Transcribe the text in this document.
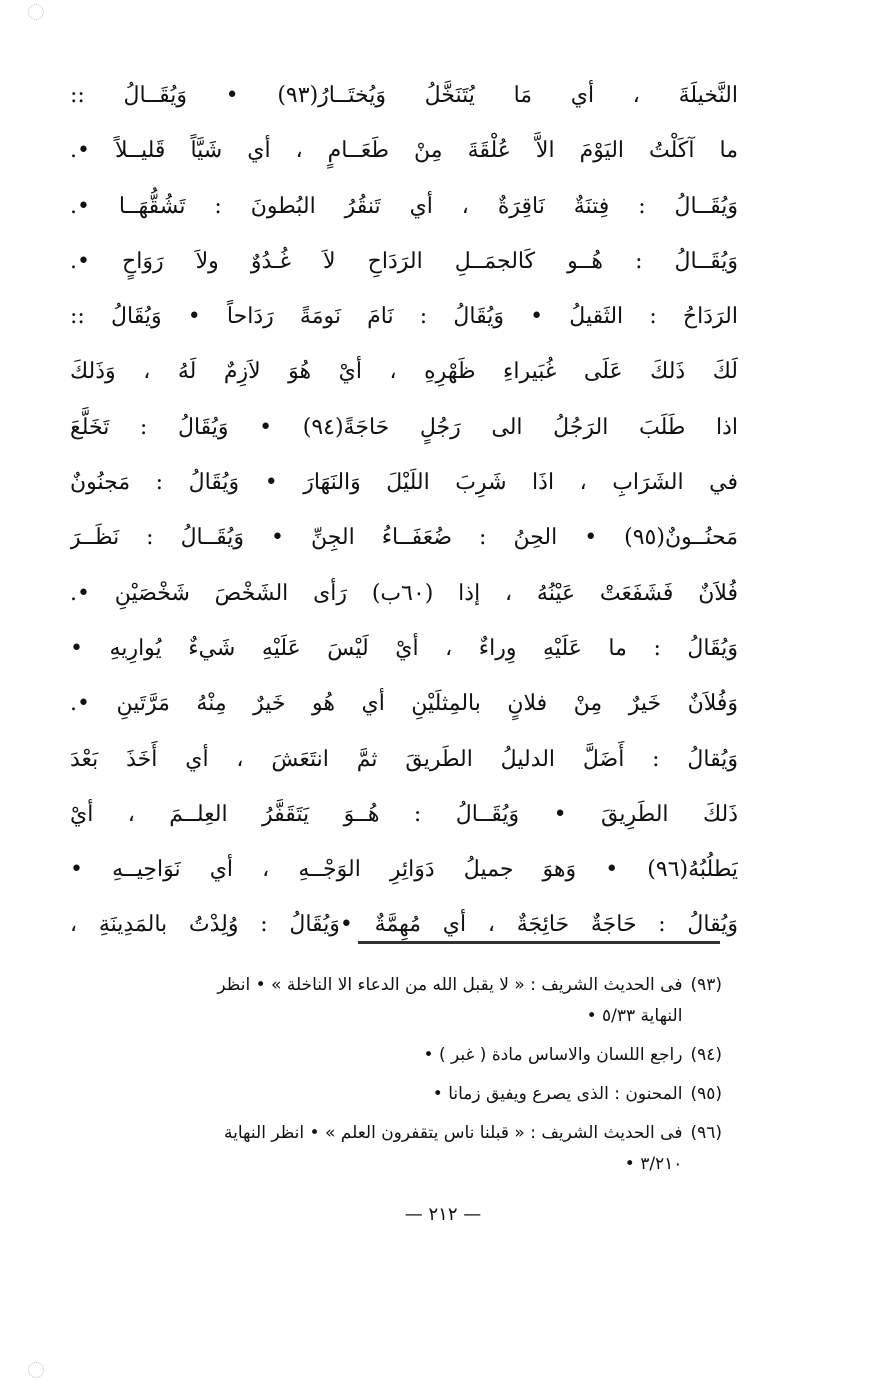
النَّخيلَةَ ، أي مَا يُتَنَخَّلُ وَيُختَــارُ(٩٣) • وَيُقَــالُ ::
ما آكَلْتُ اليَوْمَ الاَّ عُلْقَةَ مِنْ طَعَــامٍ ، أي شَيَّاً قَليــلاً •.
وَيُقَــالُ : فِتنَةٌ نَاقِرَةٌ ، أي تَنقُرُ البُطونَ : تَشُقُّهَــا •.
وَيُقَــالُ : هُــو كَالجمَــلِ الرَدَاحِ لاَ غُـدُوٌ ولاَ رَوَاحٍ •.
الرَدَاحُ : الثَقيلُ • وَيُقَالُ : نَامَ نَومَةً رَدَاحاً • وَيُقَالُ ::
لَكَ ذَلكَ عَلَى غُبَيراءِ ظَهْرِهِ ، أيْ هُوَ لاَزِمٌ لَهُ ، وَذَلكَ
اذا طَلَبَ الرَجُلُ الى رَجُلٍ حَاجَةً(٩٤) • وَيُقَالُ : تَخَلَّعَ
في الشَرَابِ ، اذَا شَرِبَ اللَيْلَ وَالنَهَارَ • وَيُقَالُ : مَجنُونٌ
مَحنُــونٌ(٩٥) • الحِنُ : ضُعَفَــاءُ الجِنِّ • وَيُقَــالُ : نَظَــرَ
فُلاَنٌ فَشَفَعَتْ عَيْنُهُ ، إذا (٦٠ب) رَأى الشَخْصَ شَخْصَيْنِ •.
وَيُقَالُ : ما عَلَيْهِ وِراءٌ ، أيْ لَيْسَ عَلَيْهِ شَيءٌ يُوارِيهِ •
وَفُلاَنٌ خَيرٌ مِنْ فلانٍ بالمِثلَيْنِ أي هُو خَيرٌ مِنْهُ مَرَّتَينِ •.
وَيُقالُ : أَضَلَّ الدليلُ الطَريقَ ثمَّ انتَعَشَ ، أي أَخَذَ بَعْدَ
ذَلكَ الطَرِيقَ • وَيُقَــالُ : هُــوَ يَتَقَفَّرُ العِلــمَ ، أيْ
يَطلُبُهُ(٩٦) • وَهوَ جميلُ دَوَائِرِ الوَجْــهِ ، أي نَوَاحِيــهِ •
وَيُقالُ : حَاجَةٌ حَائِجَةٌ ، أي مُهِمَّةٌ •وَيُقَالُ : وُلِدْتُ بالمَدِينَةِ ،
(٩٣)
فى الحديث الشريف : « لا يقبل الله من الدعاء الا الناخلة » • انظر
النهاية ٥/٣٣ •
(٩٤)
راجع اللسان والاساس مادة ( غبر ) •
(٩٥)
المحنون : الذى يصرع ويفيق زمانا •
(٩٦)
فى الحديث الشريف : « قبلنا ناس يتقفرون العلم » • انظر النهاية
٣/٢١٠ •
— ٢١٢ —
